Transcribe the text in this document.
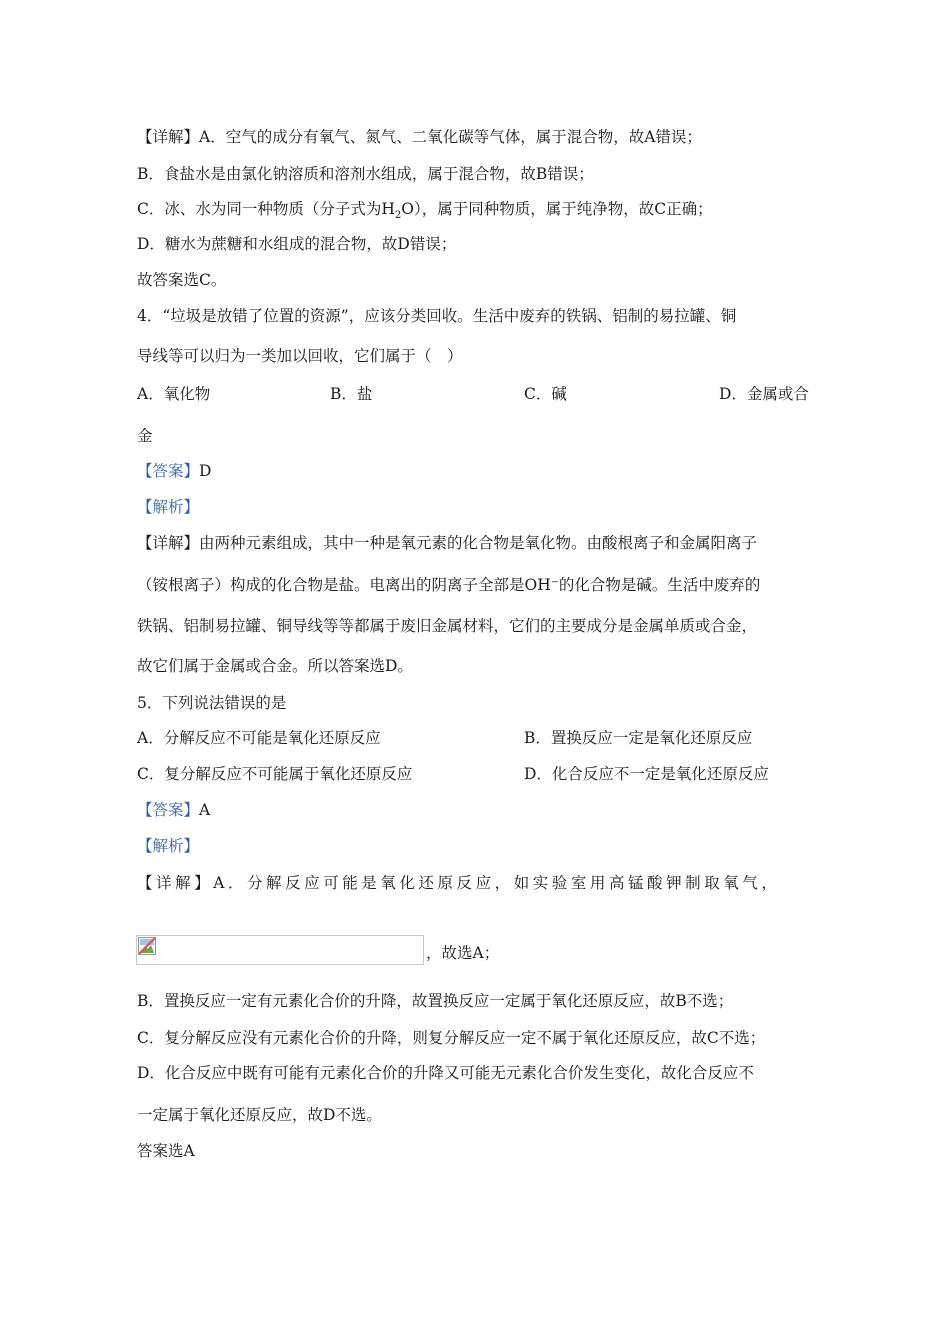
【详解】A．空气的成分有氧气、氮气、二氧化碳等气体，属于混合物，故A错误；
B．食盐水是由氯化钠溶质和溶剂水组成，属于混合物，故B错误；
C．冰、水为同一种物质（分子式为$H_2O$），属于同种物质，属于纯净物，故C正确；
D．糖水为蔗糖和水组成的混合物，故D错误；
故答案选C。
4．“垃圾是放错了位置的资源”，应该分类回收。生活中废弃的铁锅、铝制的易拉罐、铜
导线等可以归为一类加以回收，它们属于（　）
A．氧化物	B．盐	C．碱	D．金属或合
金
【答案】D
【解析】
【详解】由两种元素组成，其中一种是氧元素的化合物是氧化物。由酸根离子和金属阳离子
（铵根离子）构成的化合物是盐。电离出的阴离子全部是OH⁻的化合物是碱。生活中废弃的
铁锅、铝制易拉罐、铜导线等等都属于废旧金属材料，它们的主要成分是金属单质或合金，
故它们属于金属或合金。所以答案选D。
5．下列说法错误的是
A．分解反应不可能是氧化还原反应	B．置换反应一定是氧化还原反应
C．复分解反应不可能属于氧化还原反应	D．化合反应不一定是氧化还原反应
【答案】A
【解析】
【详解】A．分解反应可能是氧化还原反应，如实验室用高锰酸钾制取氧气，
，故选A；
B．置换反应一定有元素化合价的升降，故置换反应一定属于氧化还原反应，故B不选；
C．复分解反应没有元素化合价的升降，则复分解反应一定不属于氧化还原反应，故C不选；
D．化合反应中既有可能有元素化合价的升降又可能无元素化合价发生变化，故化合反应不
一定属于氧化还原反应，故D不选。
答案选A
